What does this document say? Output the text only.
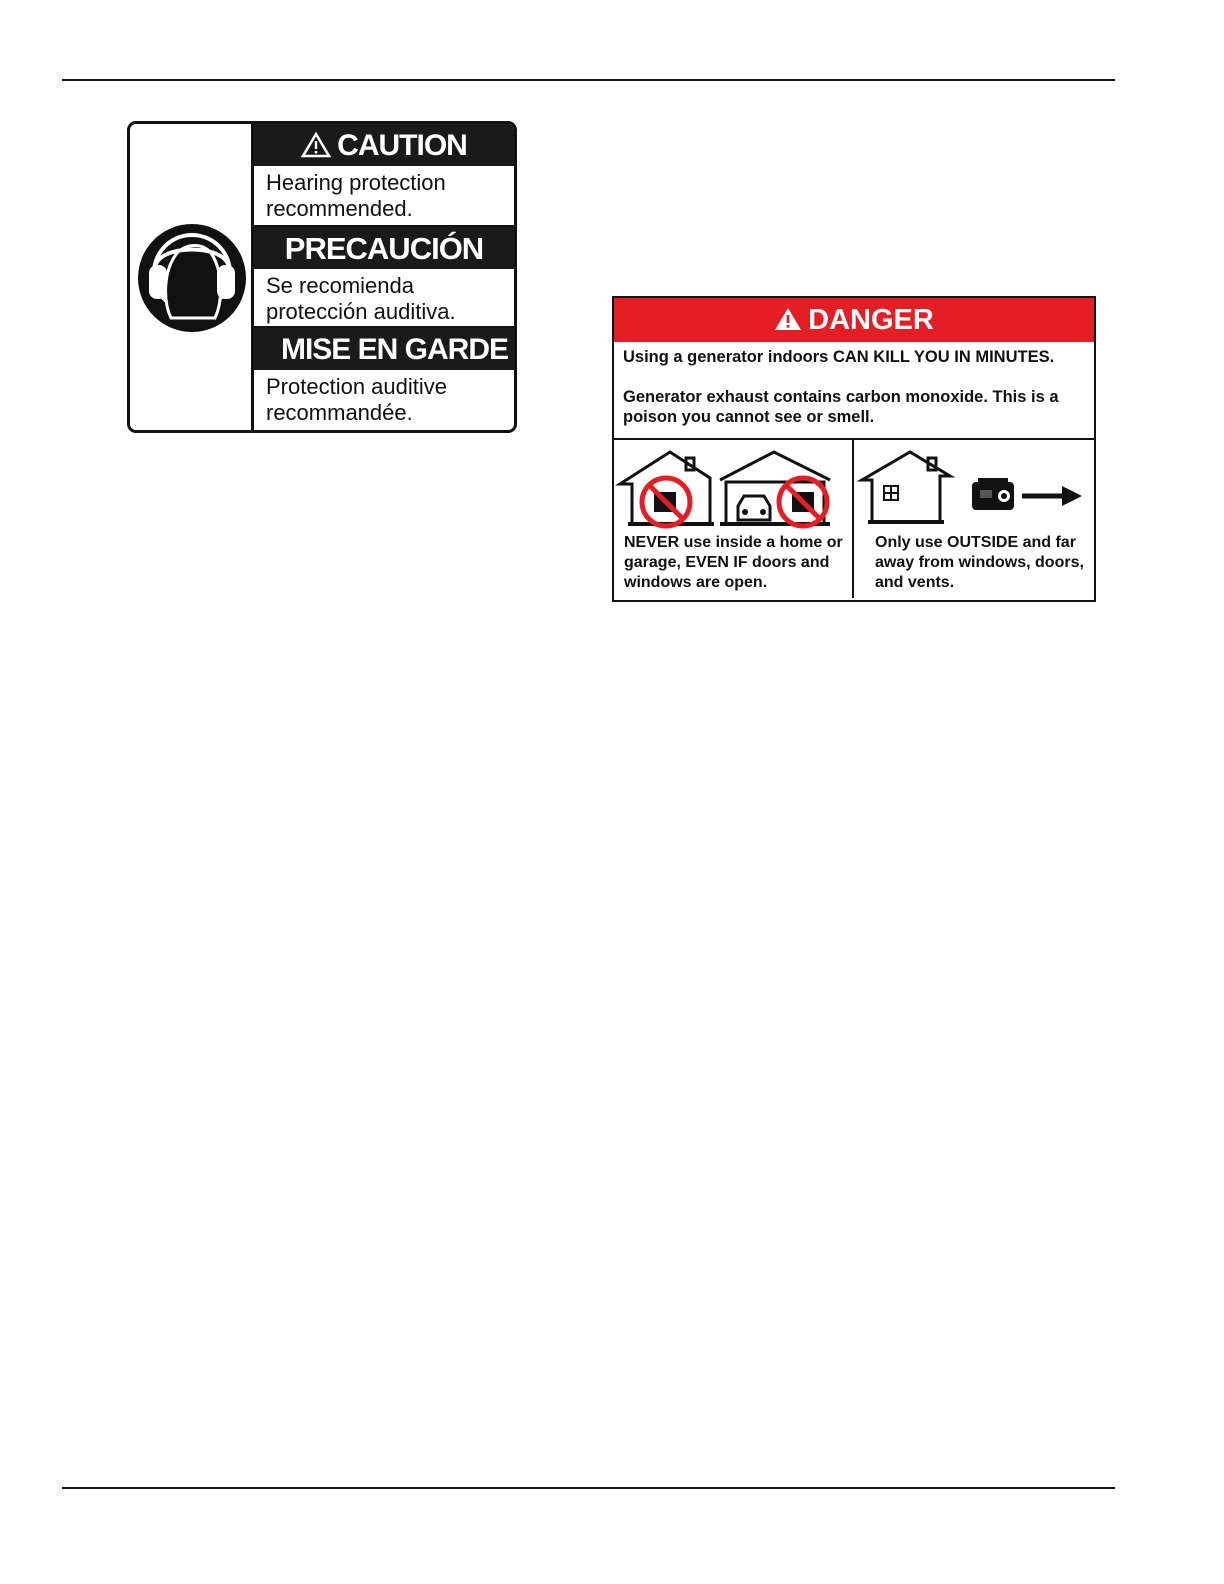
CAUTION
Hearing protection recommended.
PRECAUCIÓN
Se recomienda protección auditiva.
MISE EN GARDE
Protection auditive recommandée.
DANGER

Using a generator indoors CAN KILL YOU IN MINUTES.

Generator exhaust contains carbon monoxide. This is a poison you cannot see or smell.

NEVER use inside a home or garage, EVEN IF doors and windows are open.
Only use OUTSIDE and far away from windows, doors, and vents.
